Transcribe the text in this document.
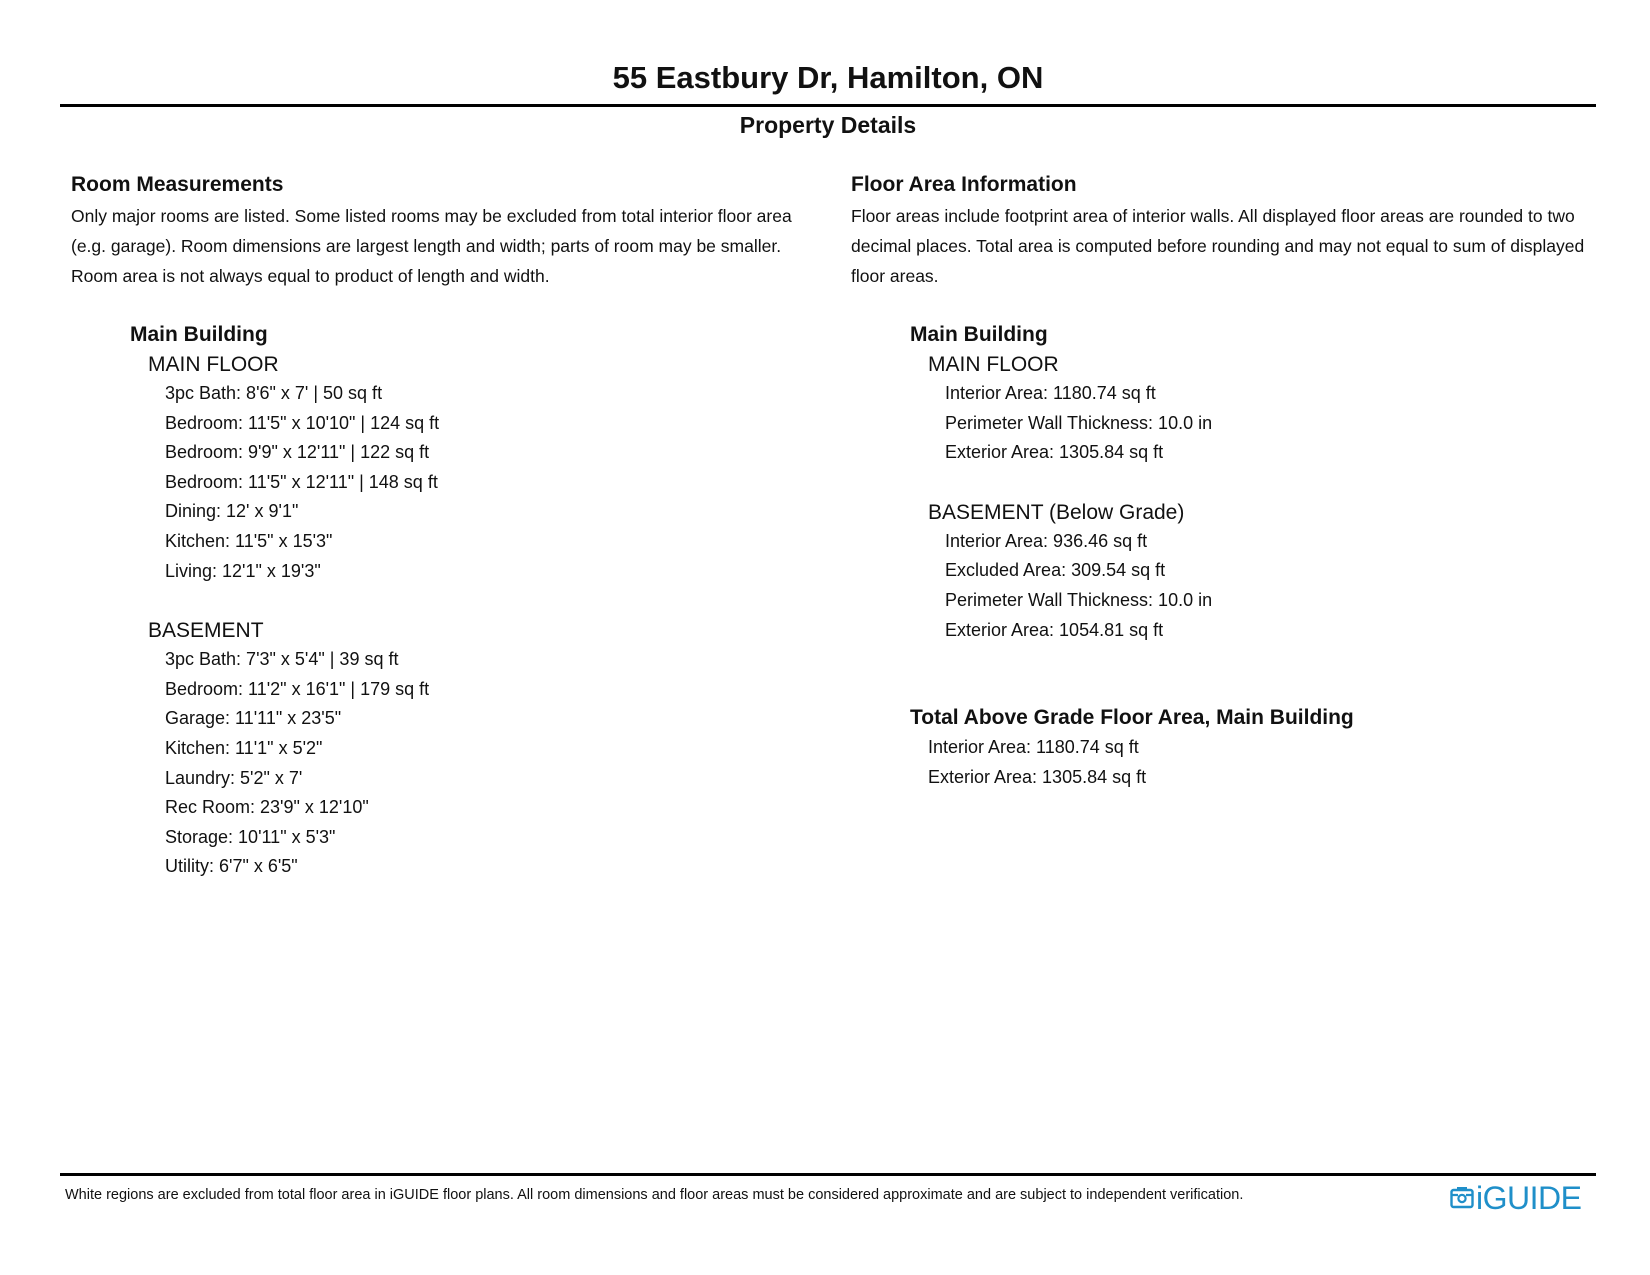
55 Eastbury Dr, Hamilton, ON
Property Details
Room Measurements
Only major rooms are listed. Some listed rooms may be excluded from total interior floor area
(e.g. garage). Room dimensions are largest length and width; parts of room may be smaller.
Room area is not always equal to product of length and width.
Main Building
MAIN FLOOR
3pc Bath: 8'6" x 7' | 50 sq ft
Bedroom: 11'5" x 10'10" | 124 sq ft
Bedroom: 9'9" x 12'11" | 122 sq ft
Bedroom: 11'5" x 12'11" | 148 sq ft
Dining: 12' x 9'1"
Kitchen: 11'5" x 15'3"
Living: 12'1" x 19'3"
BASEMENT
3pc Bath: 7'3" x 5'4" | 39 sq ft
Bedroom: 11'2" x 16'1" | 179 sq ft
Garage: 11'11" x 23'5"
Kitchen: 11'1" x 5'2"
Laundry: 5'2" x 7'
Rec Room: 23'9" x 12'10"
Storage: 10'11" x 5'3"
Utility: 6'7" x 6'5"
Floor Area Information
Floor areas include footprint area of interior walls. All displayed floor areas are rounded to two
decimal places. Total area is computed before rounding and may not equal to sum of displayed
floor areas.
Main Building
MAIN FLOOR
Interior Area: 1180.74 sq ft
Perimeter Wall Thickness: 10.0 in
Exterior Area: 1305.84 sq ft
BASEMENT (Below Grade)
Interior Area: 936.46 sq ft
Excluded Area: 309.54 sq ft
Perimeter Wall Thickness: 10.0 in
Exterior Area: 1054.81 sq ft
Total Above Grade Floor Area, Main Building
Interior Area: 1180.74 sq ft
Exterior Area: 1305.84 sq ft
White regions are excluded from total floor area in iGUIDE floor plans. All room dimensions and floor areas must be considered approximate and are subject to independent verification.	iGUIDE
